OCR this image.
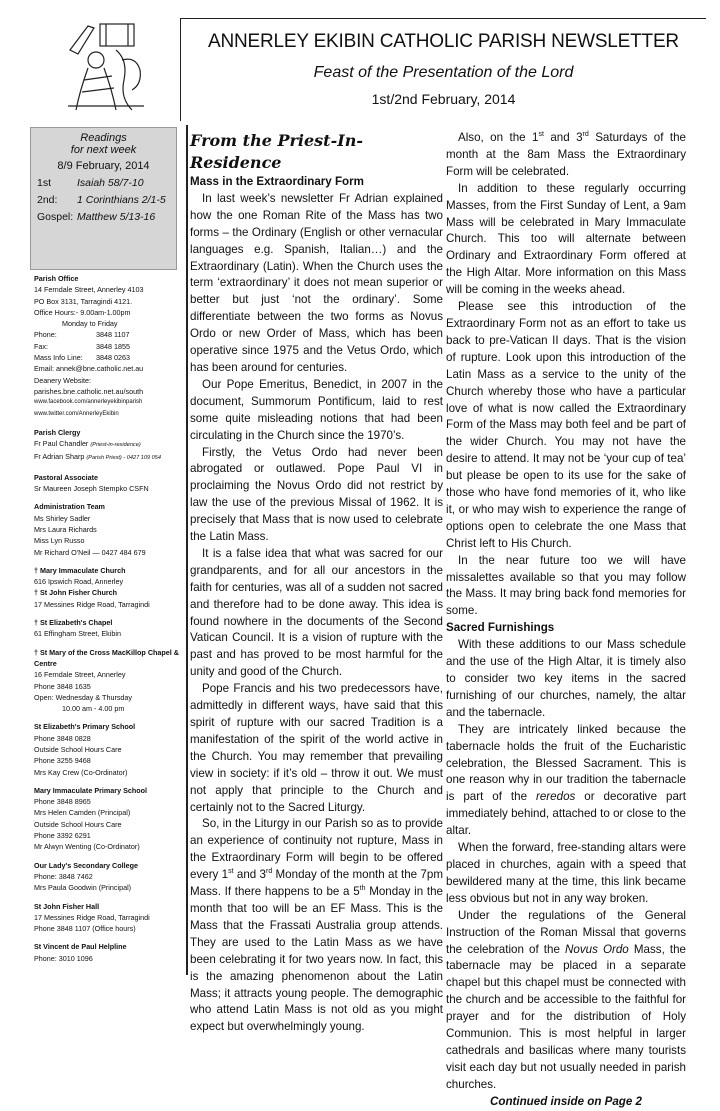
ANNERLEY EKIBIN CATHOLIC PARISH NEWSLETTER
Feast of the Presentation of the Lord
1st/2nd February, 2014
Readings
for next week
8/9 February, 2014
1st	Isaiah 58/7-10
2nd:	1 Corinthians 2/1-5
Gospel: Matthew 5/13-16
Parish Office
14 Ferndale Street, Annerley 4103
PO Box 3131, Tarragindi 4121.
Office Hours:- 9.00am-1.00pm
Monday to Friday
Phone:	3848 1107
Fax:	3848 1855
Mass Info Line:	3848 0263
Email: annek@bne.catholic.net.au
Deanery Website:
parishes.bne.catholic.net.au/south
www.facebook.com/annerleyekibinparish
www.twitter.com/AnnerleyEkibin
Parish Clergy
Fr Paul Chandler (Priest-in-residence)
Fr Adrian Sharp (Parish Priest) - 0427 109 054
Pastoral Associate
Sr Maureen Joseph Stempko CSFN
Administration Team
Ms Shirley Sadler
Mrs Laura Richards
Miss Lyn Russo
Mr Richard O'Neil — 0427 484 679
† Mary Immaculate Church
616 Ipswich Road, Annerley
† St John Fisher Church
17 Messines Ridge Road, Tarragindi
† St Elizabeth's Chapel
61 Effingham Street, Ekibin
† St Mary of the Cross MacKillop Chapel & Centre
16 Ferndale Street, Annerley
Phone 3848 1635
Open: Wednesday & Thursday
10.00 am - 4.00 pm
St Elizabeth's Primary School
Phone 3848 0828
Outside School Hours Care
Phone 3255 9468
Mrs Kay Crew (Co-Ordinator)
Mary Immaculate Primary School
Phone 3848 8965
Mrs Helen Camden (Principal)
Outside School Hours Care
Phone 3392 6291
Mr Alwyn Wenting (Co-Ordinator)
Our Lady's Secondary College
Phone: 3848 7462
Mrs Paula Goodwin (Principal)
St John Fisher Hall
17 Messines Ridge Road, Tarragindi
Phone 3848 1107 (Office hours)
St Vincent de Paul Helpline
Phone: 3010 1096
From the Priest-In-Residence
Mass in the Extraordinary Form

In last week’s newsletter Fr Adrian explained how the one Roman Rite of the Mass has two forms – the Ordinary (English or other vernacular languages e.g. Spanish, Italian…) and the Extraordinary (Latin). When the Church uses the term ‘extraordinary’ it does not mean superior or better but just ‘not the ordinary’. Some differentiate between the two forms as Novus Ordo or new Order of Mass, which has been operative since 1975 and the Vetus Ordo, which has been around for centuries.

Our Pope Emeritus, Benedict, in 2007 in the document, Summorum Pontificum, laid to rest some quite misleading notions that had been circulating in the Church since the 1970’s.

Firstly, the Vetus Ordo had never been abrogated or outlawed. Pope Paul VI in proclaiming the Novus Ordo did not restrict by law the use of the previous Missal of 1962. It is precisely that Mass that is now used to celebrate the Latin Mass.

It is a false idea that what was sacred for our grandparents, and for all our ancestors in the faith for centuries, was all of a sudden not sacred and therefore had to be done away. This idea is found nowhere in the documents of the Second Vatican Council. It is a vision of rupture with the past and has proved to be most harmful for the unity and good of the Church.

Pope Francis and his two predecessors have, admittedly in different ways, have said that this spirit of rupture with our sacred Tradition is a manifestation of the spirit of the world active in the Church. You may remember that prevailing view in society: if it’s old – throw it out. We must not apply that principle to the Church and certainly not to the Sacred Liturgy.

So, in the Liturgy in our Parish so as to provide an experience of continuity not rupture, Mass in the Extraordinary Form will begin to be offered every 1st and 3rd Monday of the month at the 7pm Mass. If there happens to be a 5th Monday in the month that too will be an EF Mass. This is the Mass that the Frassati Australia group attends. They are used to the Latin Mass as we have been celebrating it for two years now. In fact, this is the amazing phenomenon about the Latin Mass; it attracts young people. The demographic who attend Latin Mass is not old as you might expect but overwhelmingly young.

Also, on the 1st and 3rd Saturdays of the month at the 8am Mass the Extraordinary Form will be celebrated.

In addition to these regularly occurring Masses, from the First Sunday of Lent, a 9am Mass will be celebrated in Mary Immaculate Church. This too will alternate between Ordinary and Extraordinary Form offered at the High Altar. More information on this Mass will be coming in the weeks ahead.

Please see this introduction of the Extraordinary Form not as an effort to take us back to pre-Vatican II days. That is the vision of rupture. Look upon this introduction of the Latin Mass as a service to the unity of the Church whereby those who have a particular love of what is now called the Extraordinary Form of the Mass may both feel and be part of the wider Church. You may not have the desire to attend. It may not be ‘your cup of tea’ but please be open to its use for the sake of those who have fond memories of it, who like it, or who may wish to experience the range of options open to celebrate the one Mass that Christ left to His Church.

In the near future too we will have missalettes available so that you may follow the Mass. It may bring back fond memories for some.

Sacred Furnishings

With these additions to our Mass schedule and the use of the High Altar, it is timely also to consider two key items in the sacred furnishing of our churches, namely, the altar and the tabernacle.

They are intricately linked because the tabernacle holds the fruit of the Eucharistic celebration, the Blessed Sacrament. This is one reason why in our tradition the tabernacle is part of the reredos or decorative part immediately behind, attached to or close to the altar.

When the forward, free-standing altars were placed in churches, again with a speed that bewildered many at the time, this link became less obvious but not in any way broken.

Under the regulations of the General Instruction of the Roman Missal that governs the celebration of the Novus Ordo Mass, the tabernacle may be placed in a separate chapel but this chapel must be connected with the church and be accessible to the faithful for prayer and for the distribution of Holy Communion. This is most helpful in larger cathedrals and basilicas where many tourists visit each day but not usually needed in parish churches.

Continued inside on Page 2
